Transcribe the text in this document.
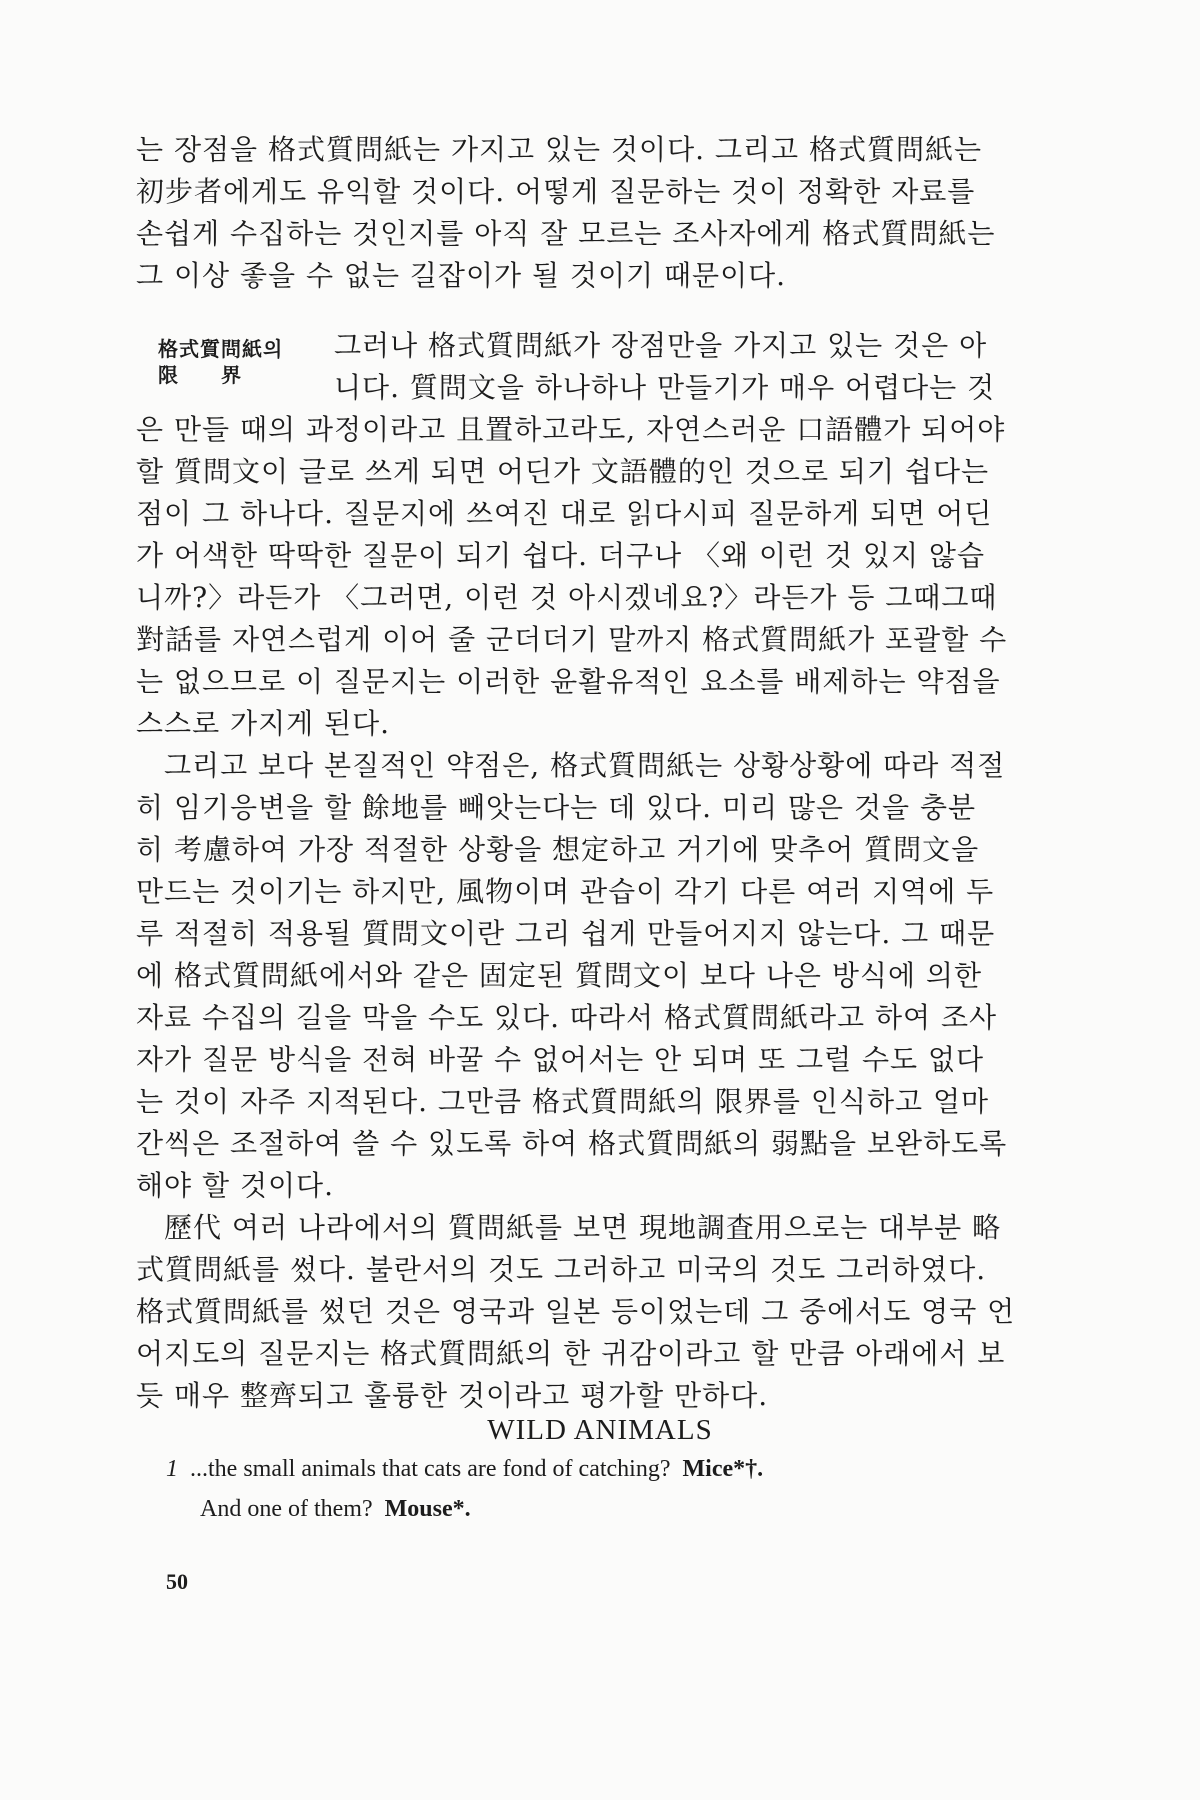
는 장점을 格式質問紙는 가지고 있는 것이다. 그리고 格式質問紙는
初步者에게도 유익할 것이다. 어떻게 질문하는 것이 정확한 자료를
손쉽게 수집하는 것인지를 아직 잘 모르는 조사자에게 格式質問紙는
그 이상 좋을 수 없는 길잡이가 될 것이기 때문이다.
格式質問紙의
限　　界
그러나 格式質問紙가 장점만을 가지고 있는 것은 아
니다. 質問文을 하나하나 만들기가 매우 어렵다는 것
은 만들 때의 과정이라고 且置하고라도, 자연스러운 口語體가 되어야
할 質問文이 글로 쓰게 되면 어딘가 文語體的인 것으로 되기 쉽다는
점이 그 하나다. 질문지에 쓰여진 대로 읽다시피 질문하게 되면 어딘
가 어색한 딱딱한 질문이 되기 쉽다. 더구나 〈왜 이런 것 있지 않습
니까?〉라든가 〈그러면, 이런 것 아시겠네요?〉라든가 등 그때그때
對話를 자연스럽게 이어 줄 군더더기 말까지 格式質問紙가 포괄할 수
는 없으므로 이 질문지는 이러한 윤활유적인 요소를 배제하는 약점을
스스로 가지게 된다.
그리고 보다 본질적인 약점은, 格式質問紙는 상황상황에 따라 적절
히 임기응변을 할 餘地를 빼앗는다는 데 있다. 미리 많은 것을 충분
히 考慮하여 가장 적절한 상황을 想定하고 거기에 맞추어 質問文을
만드는 것이기는 하지만, 風物이며 관습이 각기 다른 여러 지역에 두
루 적절히 적용될 質問文이란 그리 쉽게 만들어지지 않는다. 그 때문
에 格式質問紙에서와 같은 固定된 質問文이 보다 나은 방식에 의한
자료 수집의 길을 막을 수도 있다. 따라서 格式質問紙라고 하여 조사
자가 질문 방식을 전혀 바꿀 수 없어서는 안 되며 또 그럴 수도 없다
는 것이 자주 지적된다. 그만큼 格式質問紙의 限界를 인식하고 얼마
간씩은 조절하여 쓸 수 있도록 하여 格式質問紙의 弱點을 보완하도록
해야 할 것이다.
歷代 여러 나라에서의 質問紙를 보면 現地調査用으로는 대부분 略
式質問紙를 썼다. 불란서의 것도 그러하고 미국의 것도 그러하였다.
格式質問紙를 썼던 것은 영국과 일본 등이었는데 그 중에서도 영국 언
어지도의 질문지는 格式質問紙의 한 귀감이라고 할 만큼 아래에서 보
듯 매우 整齊되고 훌륭한 것이라고 평가할 만하다.
WILD ANIMALS
1 ...the small animals that cats are fond of catching? Mice*†.
And one of them? Mouse*.
50
